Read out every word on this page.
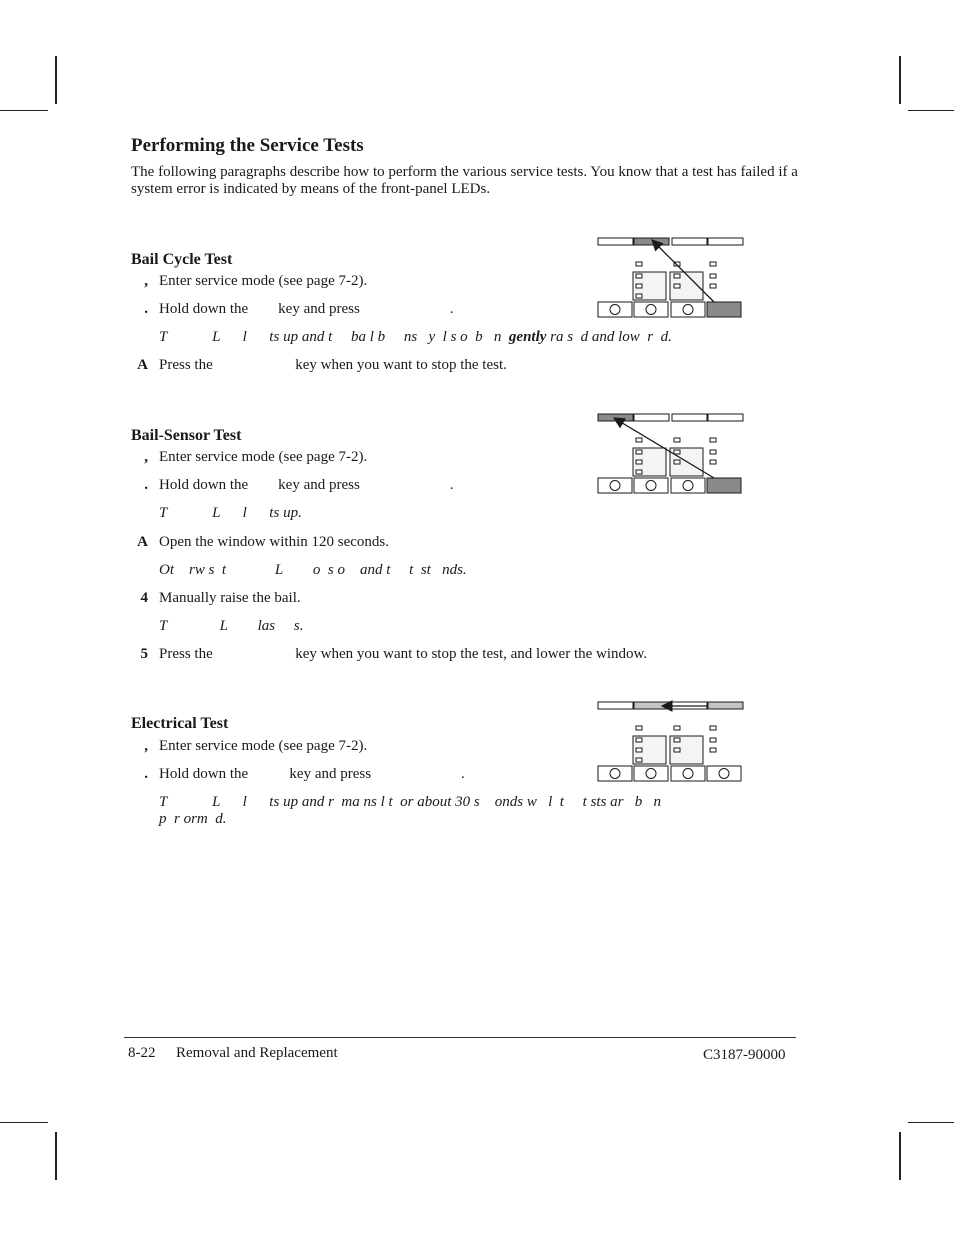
Performing the Service Tests
The following paragraphs describe how to perform the various service tests. You know that a test has failed if a system error is indicated by means of the front-panel LEDs.
Bail Cycle Test
, Enter service mode (see page 7-2).
. Hold down the        key and press                        .
T            L      l      ts up and t     ba l b     ns   y  l s o  b   n  gently ra s  d and low  r  d.
A Press the                      key when you want to stop the test.
Bail-Sensor Test
, Enter service mode (see page 7-2).
. Hold down the        key and press                        .
T            L      l      ts up.
A Open the window within 120 seconds.
Ot    rw s  t             L        o  s o    and t     t  st   nds.
4 Manually raise the bail.
T              L        las     s.
5 Press the                      key when you want to stop the test, and lower the window.
Electrical Test
, Enter service mode (see page 7-2).
. Hold down the           key and press                        .
T            L      l      ts up and r  ma ns l t  or about 30 s    onds w   l  t     t sts ar   b   n
p  r orm  d.
8-22 Removal and Replacement	C3187-90000
